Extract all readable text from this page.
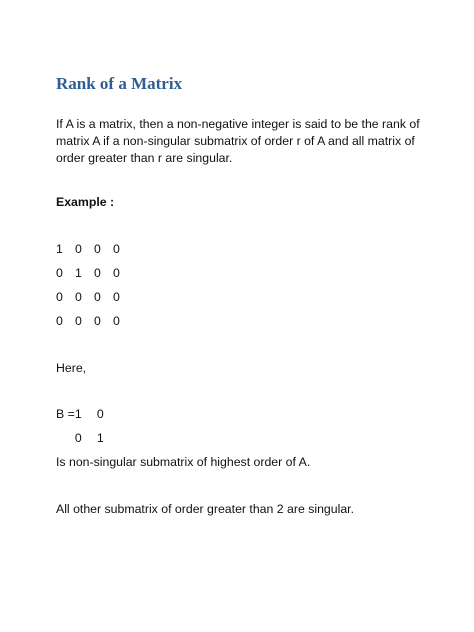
Rank of a Matrix

If A is a matrix, then a non-negative integer is said to be the rank of matrix A if a non-singular submatrix of order r of A and all matrix of order greater than r are singular.

Example :

1 0 0 0
0 1 0 0
0 0 0 0
0 0 0 0

Here,

B = 1 0
0 1

Is non-singular submatrix of highest order of A.

All other submatrix of order greater than 2 are singular.
